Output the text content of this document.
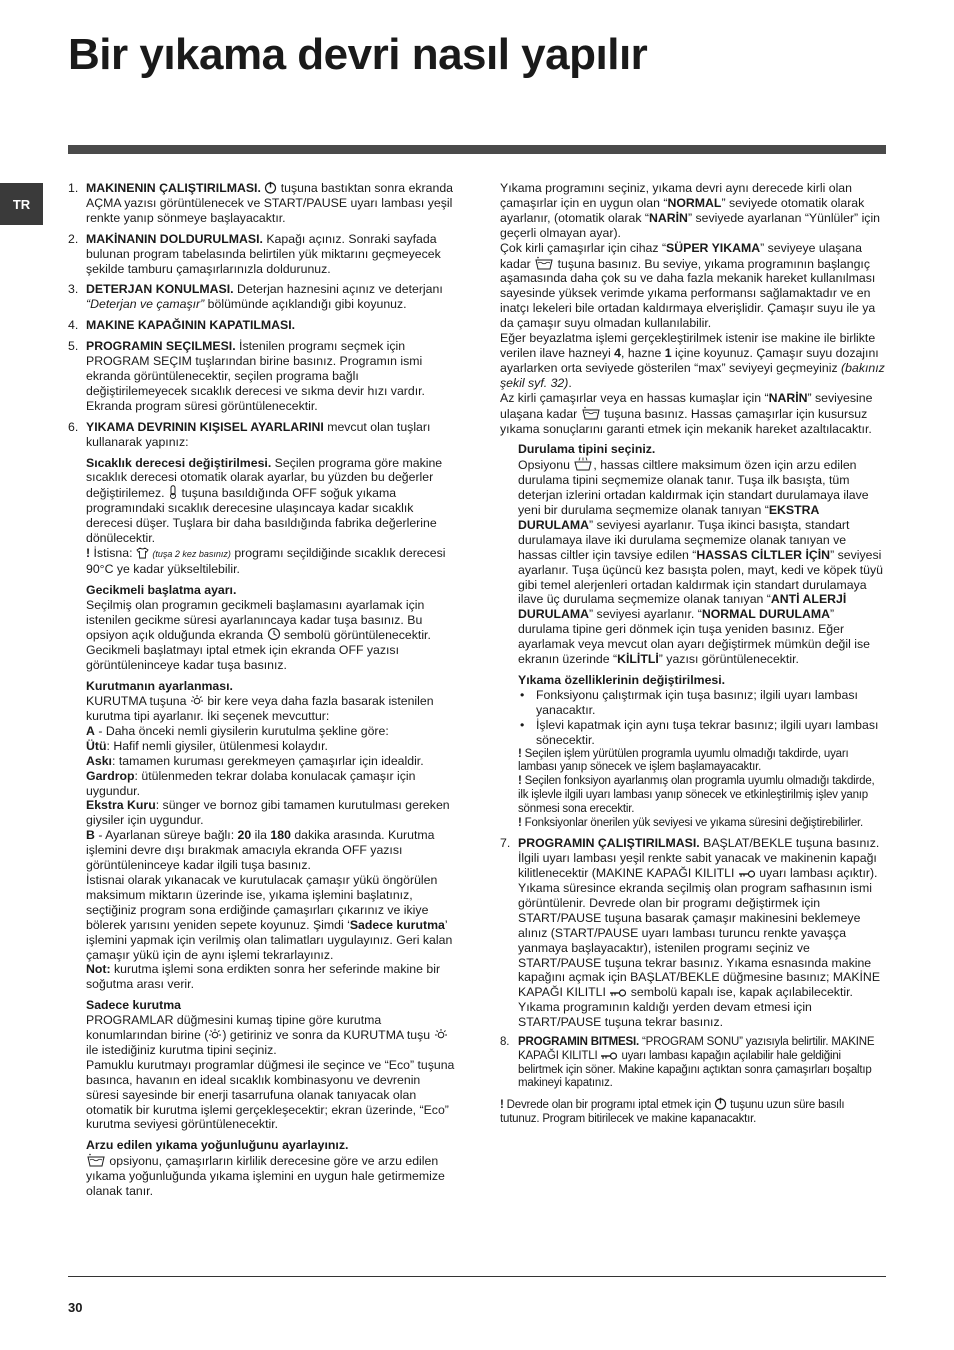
Bir yıkama devri nasıl yapılır
TR
1. MAKINENIN ÇALIŞTIRILMASI. tuşuna bastıktan sonra ekranda AÇMA yazısı görüntülenecek ve START/PAUSE uyarı lambası yeşil renkte yanıp sönmeye başlayacaktır.
2. MAKİNANIN DOLDURULMASI. Kapağı açınız. Sonraki sayfada bulunan program tabelasında belirtilen yük miktarını geçmeyecek şekilde tamburu çamaşırlarınızla doldurunuz.
3. DETERJAN KONULMASI. Deterjan haznesini açınız ve deterjanı “Deterjan ve çamaşır” bölümünde açıklandığı gibi koyunuz.
4. MAKINE KAPAĞININ KAPATILMASI.
5. PROGRAMIN SEÇILMESI. İstenilen programı seçmek için PROGRAM SEÇIM tuşlarından birine basınız. Programın ismi ekranda görüntülenecektir, seçilen programa bağlı değiştirilemeyecek sıcaklık derecesi ve sıkma devir hızı vardır. Ekranda program süresi görüntülenecektir.
6. YIKAMA DEVRININ KIŞISEL AYARLARINI mevcut olan tuşları kullanarak yapınız:
Sıcaklık derecesi değiştirilmesi. Seçilen programa göre makine sıcaklık derecesi otomatik olarak ayarlar, bu yüzden bu değerler değiştirilemez. tuşuna basıldığında OFF soğuk yıkama programındaki sıcaklık derecesine ulaşıncaya kadar sıcaklık derecesi düşer. Tuşlara bir daha basıldığında fabrika değerlerine dönülecektir.
! İstisna: (tuşa 2 kez basınız) programı seçildiğinde sıcaklık derecesi 90°C ye kadar yükseltilebilir.
Gecikmeli başlatma ayarı.
Seçilmiş olan programın gecikmeli başlamasını ayarlamak için istenilen gecikme süresi ayarlanıncaya kadar tuşa basınız. Bu opsiyon açık olduğunda ekranda sembolü görüntülenecektir. Gecikmeli başlatmayı iptal etmek için ekranda OFF yazısı görüntüleninceye kadar tuşa basınız.
Kurutmanın ayarlanması.
KURUTMA tuşuna bir kere veya daha fazla basarak istenilen kurutma tipi ayarlanır. İki seçenek mevcuttur:
A - Daha önceki nemli giysilerin kurutulma şekline göre:
Ütü: Hafif nemli giysiler, ütülenmesi kolaydır.
Askı: tamamen kuruması gerekmeyen çamaşırlar için idealdir.
Gardrop: ütülenmeden tekrar dolaba konulacak çamaşır için uygundur.
Ekstra Kuru: sünger ve bornoz gibi tamamen kurutulması gereken giysiler için uygundur.
B - Ayarlanan süreye bağlı: 20 ila 180 dakika arasında. Kurutma işlemini devre dışı bırakmak amacıyla ekranda OFF yazısı görüntüleninceye kadar ilgili tuşa basınız.
İstisnai olarak yıkanacak ve kurutulacak çamaşır yükü öngörülen maksimum miktarın üzerinde ise, yıkama işlemini başlatınız, seçtiğiniz program sona erdiğinde çamaşırları çıkarınız ve ikiye bölerek yarısını yeniden sepete koyunuz. Şimdi ‘Sadece kurutma’ işlemini yapmak için verilmiş olan talimatları uygulayınız. Geri kalan çamaşır yükü için de aynı işlemi tekrarlayınız.
Not: kurutma işlemi sona erdikten sonra her seferinde makine bir soğutma arası verir.
Sadece kurutma
PROGRAMLAR düğmesini kumaş tipine göre kurutma konumlarından birine ( ) getiriniz ve sonra da KURUTMA tuşu  ile istediğiniz kurutma tipini seçiniz.
Pamuklu kurutmayı programlar düğmesi ile seçince ve “Eco” tuşuna basınca, havanın en ideal sıcaklık kombinasyonu ve devrenin süresi sayesinde bir enerji tasarrufuna olanak tanıyacak olan otomatik bir kurutma işlemi gerçekleşecektir; ekran üzerinde, “Eco” kurutma seviyesi görüntülenecektir.
Arzu edilen yıkama yoğunluğunu ayarlayınız.
opsiyonu, çamaşırların kirlilik derecesine göre ve arzu edilen yıkama yoğunluğunda yıkama işlemini en uygun hale getirmemize olanak tanır.

Yıkama programını seçiniz, yıkama devri aynı derecede kirli olan çamaşırlar için en uygun olan “NORMAL” seviyede otomatik olarak ayarlanır, (otomatik olarak “NARİN” seviyede ayarlanan “Yünlüler” için geçerli olmayan ayar).

Çok kirli çamaşırlar için cihaz “SÜPER YIKAMA” seviyeye ulaşana kadar tuşuna basınız. Bu seviye, yıkama programının başlangıç aşamasında daha çok su ve daha fazla mekanik hareket kullanılması sayesinde yüksek verimde yıkama performansı sağlamaktadır ve en inatçı lekeleri bile ortadan kaldırmaya elverişlidir. Çamaşır suyu ile ya da çamaşır suyu olmadan kullanılabilir.

Eğer beyazlatma işlemi gerçekleştirilmek istenir ise makine ile birlikte verilen ilave hazneyi 4, hazne 1 içine koyunuz. Çamaşır suyu dozajını ayarlarken orta seviyede gösterilen “max” seviyeyi geçmeyiniz (bakınız şekil syf. 32).

Az kirli çamaşırlar veya en hassas kumaşlar için “NARİN” seviyesine ulaşana kadar tuşuna basınız. Hassas çamaşırlar için kusursuz yıkama sonuçlarını garanti etmek için mekanik hareket azaltılacaktır.

Durulama tipini seçiniz.
Opsiyonu , hassas ciltlere maksimum özen için arzu edilen durulama tipini seçmemize olanak tanır. Tuşa ilk basışta, tüm deterjan izlerini ortadan kaldırmak için standart durulamaya ilave yeni bir durulama seçmemize olanak tanıyan “EKSTRA DURULAMA” seviyesi ayarlanır. Tuşa ikinci basışta, standart durulamaya ilave iki durulama seçmemize olanak tanıyan ve hassas ciltler için tavsiye edilen “HASSAS CİLTLER İÇİN” seviyesi ayarlanır. Tuşa üçüncü kez basışta polen, mayt, kedi ve köpek tüyü gibi temel alerjenleri ortadan kaldırmak için standart durulamaya ilave üç durulama seçmemize olanak tanıyan “ANTİ ALERJİ DURULAMA” seviyesi ayarlanır. “NORMAL DURULAMA” durulama tipine geri dönmek için tuşa yeniden basınız. Eğer ayarlamak veya mevcut olan ayarı değiştirmek mümkün değil ise ekranın üzerinde “KİLİTLİ” yazısı görüntülenecektir.
Yıkama özelliklerinin değiştirilmesi.
• Fonksiyonu çalıştırmak için tuşa basınız; ilgili uyarı lambası yanacaktır.
• İşlevi kapatmak için aynı tuşa tekrar basınız; ilgili uyarı lambası sönecektir.
! Seçilen işlem yürütülen programla uyumlu olmadığı takdirde, uyarı lambası yanıp sönecek ve işlem başlamayacaktır.
! Seçilen fonksiyon ayarlanmış olan programla uyumlu olmadığı takdirde, ilk işlevle ilgili uyarı lambası yanıp sönecek ve etkinleştirilmiş işlev yanıp sönmesi sona erecektir.
! Fonksiyonlar önerilen yük seviyesi ve yıkama süresini değiştirebilirler.
7. PROGRAMIN ÇALIŞTIRILMASI. BAŞLAT/BEKLE tuşuna basınız. İlgili uyarı lambası yeşil renkte sabit yanacak ve makinenin kapağı kilitlenecektir (MAKINE KAPAĞI KILITLI uyarı lambası açıktır). Yıkama süresince ekranda seçilmiş olan program safhasının ismi görüntülenir. Devrede olan bir programı değiştirmek için START/PAUSE tuşuna basarak çamaşır makinesini beklemeye alınız (START/PAUSE uyarı lambası turuncu renkte yavaşça yanmaya başlayacaktır), istenilen programı seçiniz ve START/PAUSE tuşuna tekrar basınız. Yıkama esnasında makine kapağını açmak için BAŞLAT/BEKLE düğmesine basınız; MAKİNE KAPAĞI KILITLI sembolü kapalı ise, kapak açılabilecektir. Yıkama programının kaldığı yerden devam etmesi için START/PAUSE tuşuna tekrar basınız.
8. PROGRAMIN BITMESI. “PROGRAM SONU” yazısıyla belirtilir. MAKINE KAPAĞI KILITLI uyarı lambası kapağın açılabilir hale geldiğini belirtmek için söner. Makine kapağını açtıktan sonra çamaşırları boşaltıp makineyi kapatınız.
! Devrede olan bir programı iptal etmek için tuşunu uzun süre basılı tutunuz. Program bitirilecek ve makine kapanacaktır.
30
